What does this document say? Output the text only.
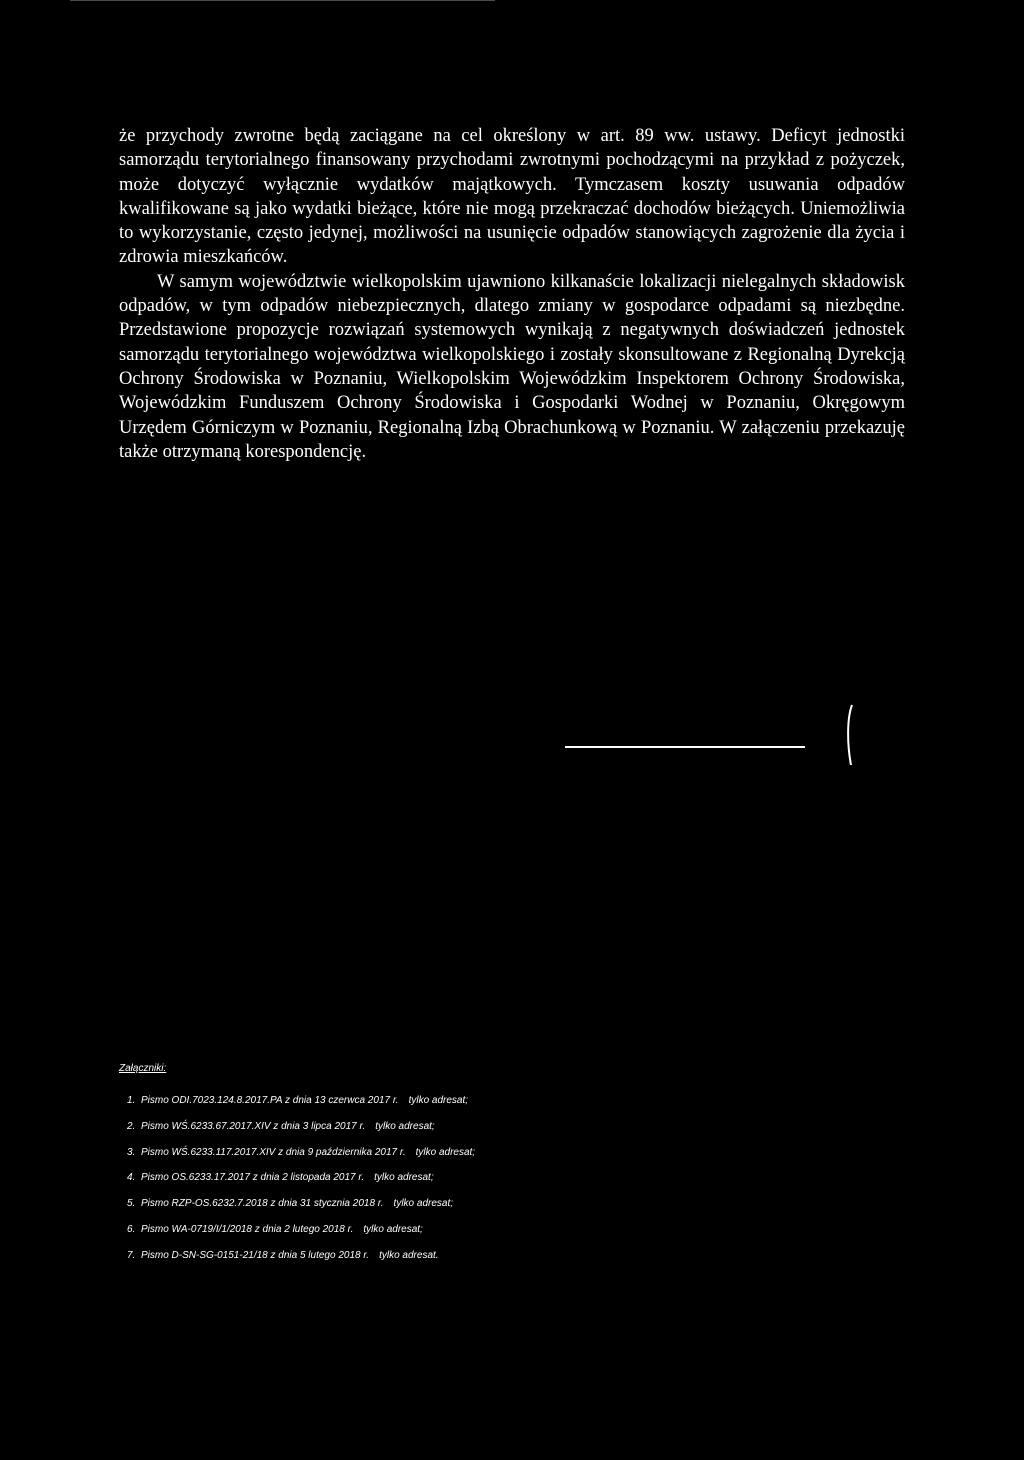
że przychody zwrotne będą zaciągane na cel określony w art. 89 ww. ustawy. Deficyt jednostki samorządu terytorialnego finansowany przychodami zwrotnymi pochodzącymi na przykład z pożyczek, może dotyczyć wyłącznie wydatków majątkowych. Tymczasem koszty usuwania odpadów kwalifikowane są jako wydatki bieżące, które nie mogą przekraczać dochodów bieżących. Uniemożliwia to wykorzystanie, często jedynej, możliwości na usunięcie odpadów stanowiących zagrożenie dla życia i zdrowia mieszkańców.

W samym województwie wielkopolskim ujawniono kilkanaście lokalizacji nielegalnych składowisk odpadów, w tym odpadów niebezpiecznych, dlatego zmiany w gospodarce odpadami są niezbędne. Przedstawione propozycje rozwiązań systemowych wynikają z negatywnych doświadczeń jednostek samorządu terytorialnego województwa wielkopolskiego i zostały skonsultowane z Regionalną Dyrekcją Ochrony Środowiska w Poznaniu, Wielkopolskim Wojewódzkim Inspektorem Ochrony Środowiska, Wojewódzkim Funduszem Ochrony Środowiska i Gospodarki Wodnej w Poznaniu, Okręgowym Urzędem Górniczym w Poznaniu, Regionalną Izbą Obrachunkową w Poznaniu. W załączeniu przekazuję także otrzymaną korespondencję.

Załączniki:
1. Pismo ODI.7023.124.8.2017.PA z dnia 13 czerwca 2017 r. tylko adresat;
2. Pismo WŚ.6233.67.2017.XIV z dnia 3 lipca 2017 r. tylko adresat;
3. Pismo WŚ.6233.117.2017.XIV z dnia 9 października 2017 r. tylko adresat;
4. Pismo OS.6233.17.2017 z dnia 2 listopada 2017 r. tylko adresat;
5. Pismo RZP-OS.6232.7.2018 z dnia 31 stycznia 2018 r. tylko adresat;
6. Pismo WA-0719/I/1/2018 z dnia 2 lutego 2018 r. tylko adresat;
7. Pismo D-SN-SG-0151-21/18 z dnia 5 lutego 2018 r. tylko adresat.
